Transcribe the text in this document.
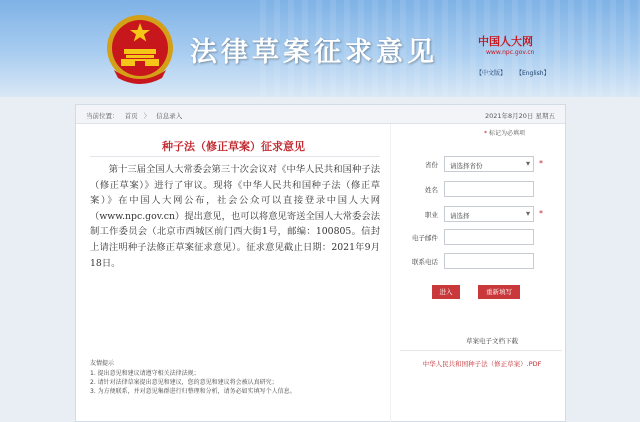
法律草案征求意见	中国人大网
www.npc.gov.cn
【中文版】 【English】
当前位置： 首页 〉 信息录入	2021年8月20日 星期五
种子法（修正草案）征求意见

第十三届全国人大常委会第三十次会议对《中华人民共和国种子法（修正草案）》进行了审议。现将《中华人民共和国种子法（修正草案）》在中国人大网公布，社会公众可以直接登录中国人大网（www.npc.gov.cn）提出意见，也可以将意见寄送全国人大常委会法制工作委员会（北京市西城区前门西大街1号，邮编：100805。信封上请注明种子法修正草案征求意见）。征求意见截止日期：2021年9月18日。

友情提示
1. 提出意见和建议请遵守相关法律法规；
2. 请针对法律草案提出意见和建议，您的意见和建议将会被认真研究；
3. 为方便联系，并对意见集群进行归整理和分析，请务必如实填写个人信息。
* 标记为必填项
省份	请选择省份 ▾	*
姓名
职业	请选择 ▾	*
电子邮件
联系电话
进入	重新填写
草案电子文档下载
中华人民共和国种子法（修正草案）.PDF
